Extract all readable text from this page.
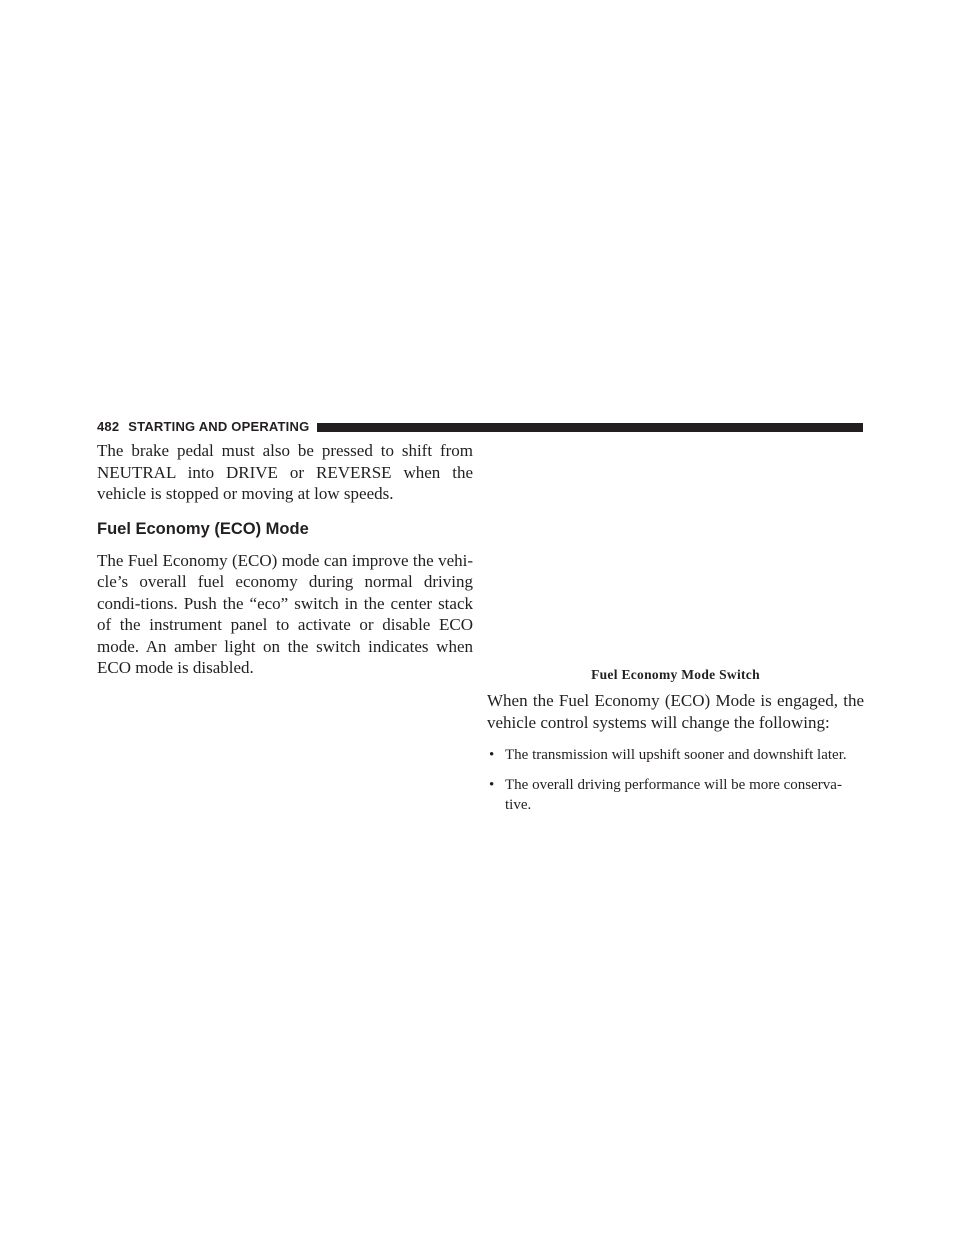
482 STARTING AND OPERATING

The brake pedal must also be pressed to shift from NEUTRAL into DRIVE or REVERSE when the vehicle is stopped or moving at low speeds.

Fuel Economy (ECO) Mode

The Fuel Economy (ECO) mode can improve the vehi-cle’s overall fuel economy during normal driving condi-tions. Push the “eco” switch in the center stack of the instrument panel to activate or disable ECO mode. An amber light on the switch indicates when ECO mode is disabled.	Fuel Economy Mode Switch

When the Fuel Economy (ECO) Mode is engaged, the vehicle control systems will change the following:

• The transmission will upshift sooner and downshift later.
• The overall driving performance will be more conserva-tive.
